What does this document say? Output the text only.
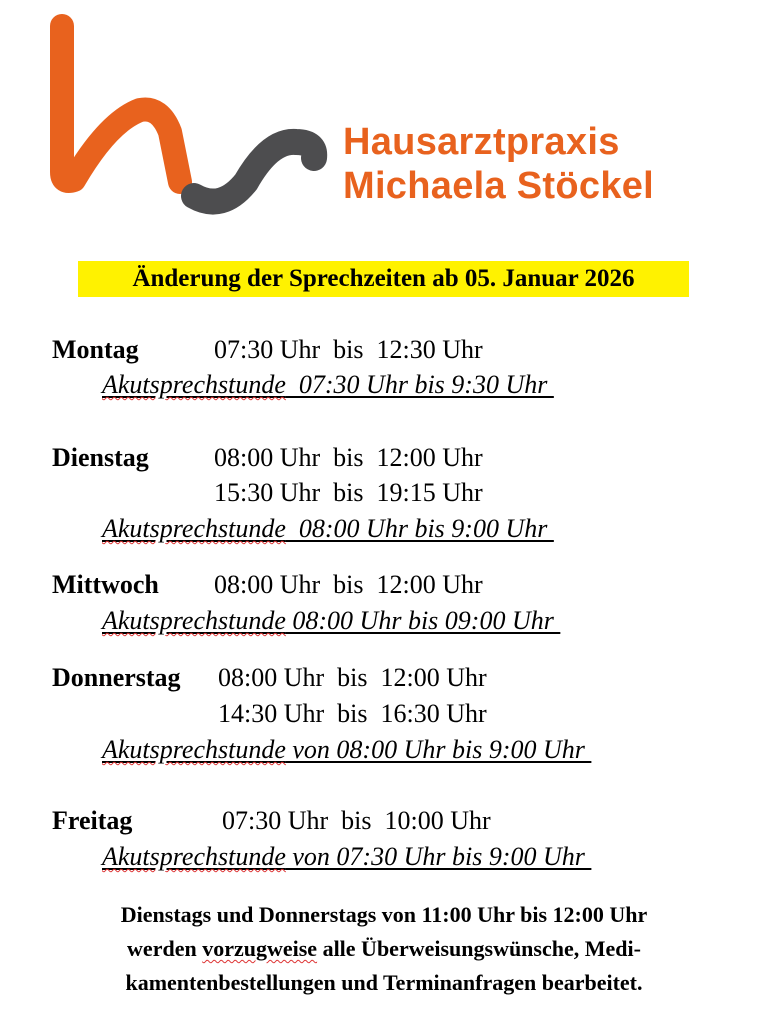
Hausarztpraxis
Michaela Stöckel
Änderung der Sprechzeiten ab 05. Januar 2026
Montag	07:30 Uhr  bis  12:30 Uhr
Akutsprechstunde  07:30 Uhr bis 9:30 Uhr
Dienstag	08:00 Uhr  bis  12:00 Uhr
15:30 Uhr  bis  19:15 Uhr
Akutsprechstunde  08:00 Uhr bis 9:00 Uhr
Mittwoch 08:00 Uhr  bis  12:00 Uhr
Akutsprechstunde 08:00 Uhr bis 09:00 Uhr
Donnerstag 08:00 Uhr  bis  12:00 Uhr
14:30 Uhr  bis  16:30 Uhr
Akutsprechstunde von 08:00 Uhr bis 9:00 Uhr
Freitag	07:30 Uhr  bis  10:00 Uhr
Akutsprechstunde von 07:30 Uhr bis 9:00 Uhr
Dienstags und Donnerstags von 11:00 Uhr bis 12:00 Uhr
werden vorzugweise alle Überweisungswünsche, Medi-
kamentenbestellungen und Terminanfragen bearbeitet.
